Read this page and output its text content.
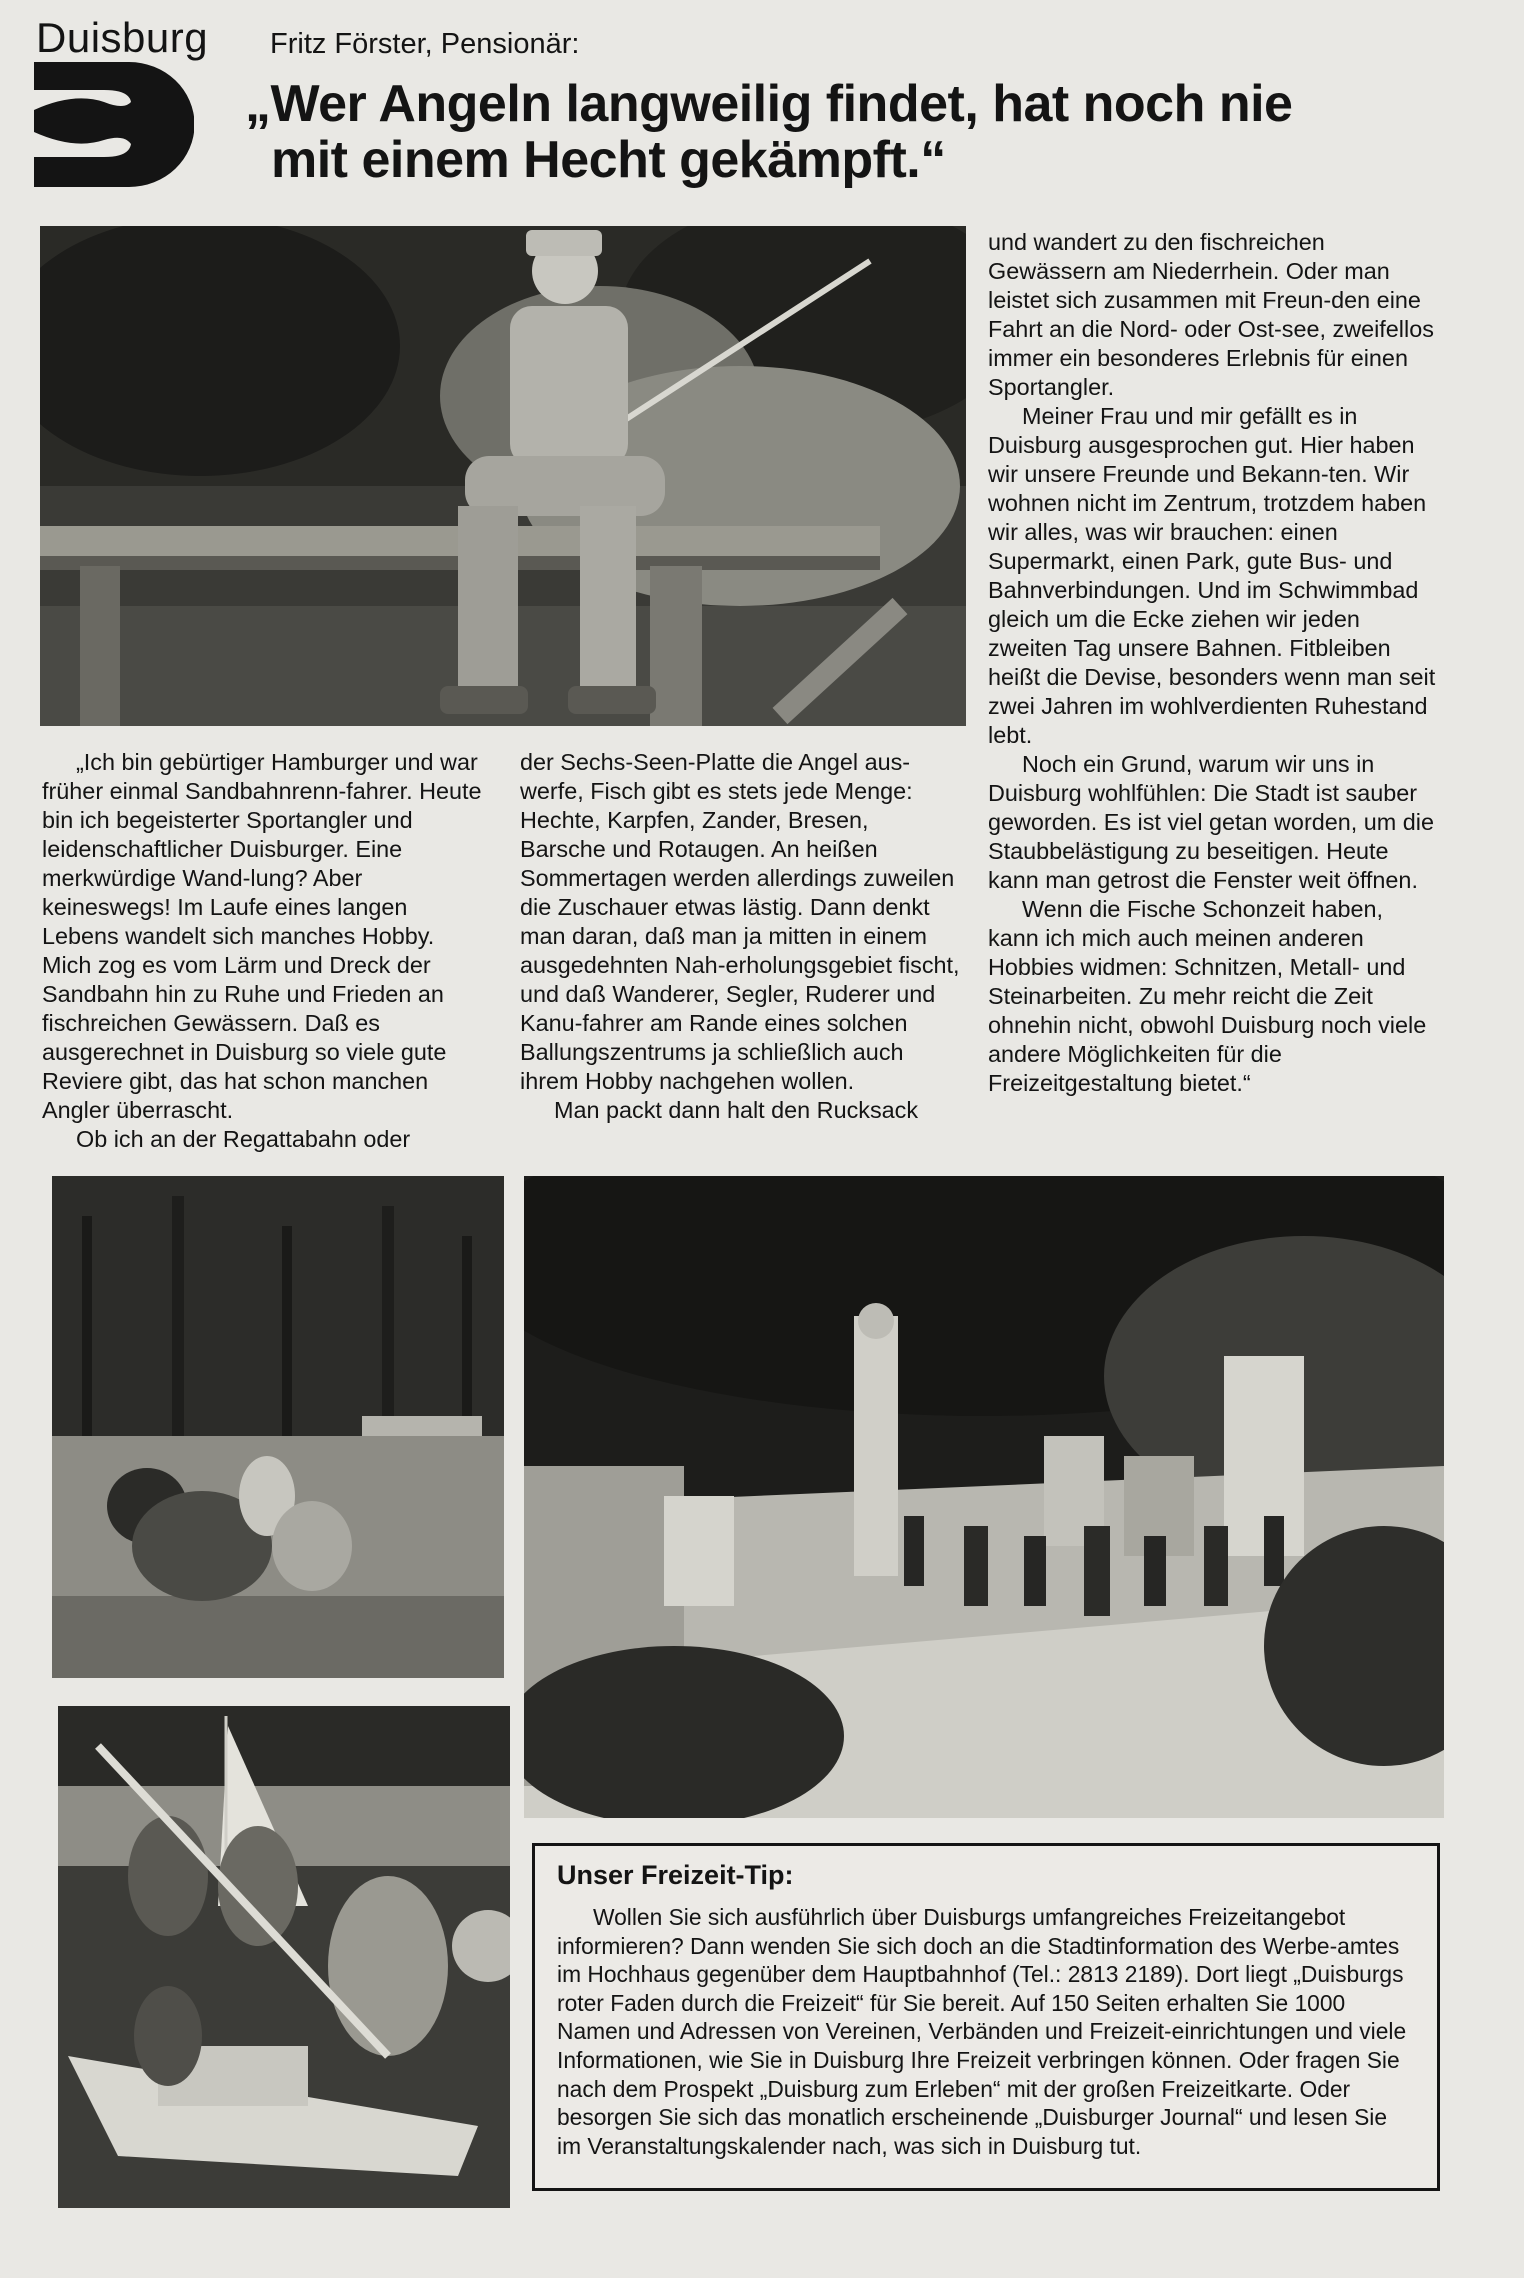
Duisburg Fritz Förster, Pensionär:
„Wer Angeln langweilig findet, hat noch nie
mit einem Hecht gekämpft.“

„Ich bin gebürtiger Hamburger und war früher einmal Sandbahnrenn-fahrer. Heute bin ich begeisterter Sportangler und leidenschaftlicher Duisburger. Eine merkwürdige Wand-lung? Aber keineswegs! Im Laufe eines langen Lebens wandelt sich manches Hobby. Mich zog es vom Lärm und Dreck der Sandbahn hin zu Ruhe und Frieden an fischreichen Gewässern. Daß es ausgerechnet in Duisburg so viele gute Reviere gibt, das hat schon manchen Angler überrascht.

Ob ich an der Regattabahn oder

der Sechs-Seen-Platte die Angel aus-werfe, Fisch gibt es stets jede Menge: Hechte, Karpfen, Zander, Bresen, Barsche und Rotaugen. An heißen Sommertagen werden allerdings zuweilen die Zuschauer etwas lästig. Dann denkt man daran, daß man ja mitten in einem ausgedehnten Nah-erholungsgebiet fischt, und daß Wanderer, Segler, Ruderer und Kanu-fahrer am Rande eines solchen Ballungszentrums ja schließlich auch ihrem Hobby nachgehen wollen.

Man packt dann halt den Rucksack

und wandert zu den fischreichen Gewässern am Niederrhein. Oder man leistet sich zusammen mit Freun-den eine Fahrt an die Nord- oder Ost-see, zweifellos immer ein besonderes Erlebnis für einen Sportangler.

Meiner Frau und mir gefällt es in Duisburg ausgesprochen gut. Hier haben wir unsere Freunde und Bekann-ten. Wir wohnen nicht im Zentrum, trotzdem haben wir alles, was wir brauchen: einen Supermarkt, einen Park, gute Bus- und Bahnverbindungen. Und im Schwimmbad gleich um die Ecke ziehen wir jeden zweiten Tag unsere Bahnen. Fitbleiben heißt die Devise, besonders wenn man seit zwei Jahren im wohlverdienten Ruhestand lebt.

Noch ein Grund, warum wir uns in Duisburg wohlfühlen: Die Stadt ist sauber geworden. Es ist viel getan worden, um die Staubbelästigung zu beseitigen. Heute kann man getrost die Fenster weit öffnen.

Wenn die Fische Schonzeit haben, kann ich mich auch meinen anderen Hobbies widmen: Schnitzen, Metall- und Steinarbeiten. Zu mehr reicht die Zeit ohnehin nicht, obwohl Duisburg noch viele andere Möglichkeiten für die Freizeitgestaltung bietet.“

Unser Freizeit-Tip:

Wollen Sie sich ausführlich über Duisburgs umfangreiches Freizeitangebot informieren? Dann wenden Sie sich doch an die Stadtinformation des Werbe-amtes im Hochhaus gegenüber dem Hauptbahnhof (Tel.: 2813 2189). Dort liegt „Duisburgs roter Faden durch die Freizeit“ für Sie bereit. Auf 150 Seiten erhalten Sie 1000 Namen und Adressen von Vereinen, Verbänden und Freizeit-einrichtungen und viele Informationen, wie Sie in Duisburg Ihre Freizeit verbringen können. Oder fragen Sie nach dem Prospekt „Duisburg zum Erleben“ mit der großen Freizeitkarte. Oder besorgen Sie sich das monatlich erscheinende „Duisburger Journal“ und lesen Sie im Veranstaltungskalender nach, was sich in Duisburg tut.
